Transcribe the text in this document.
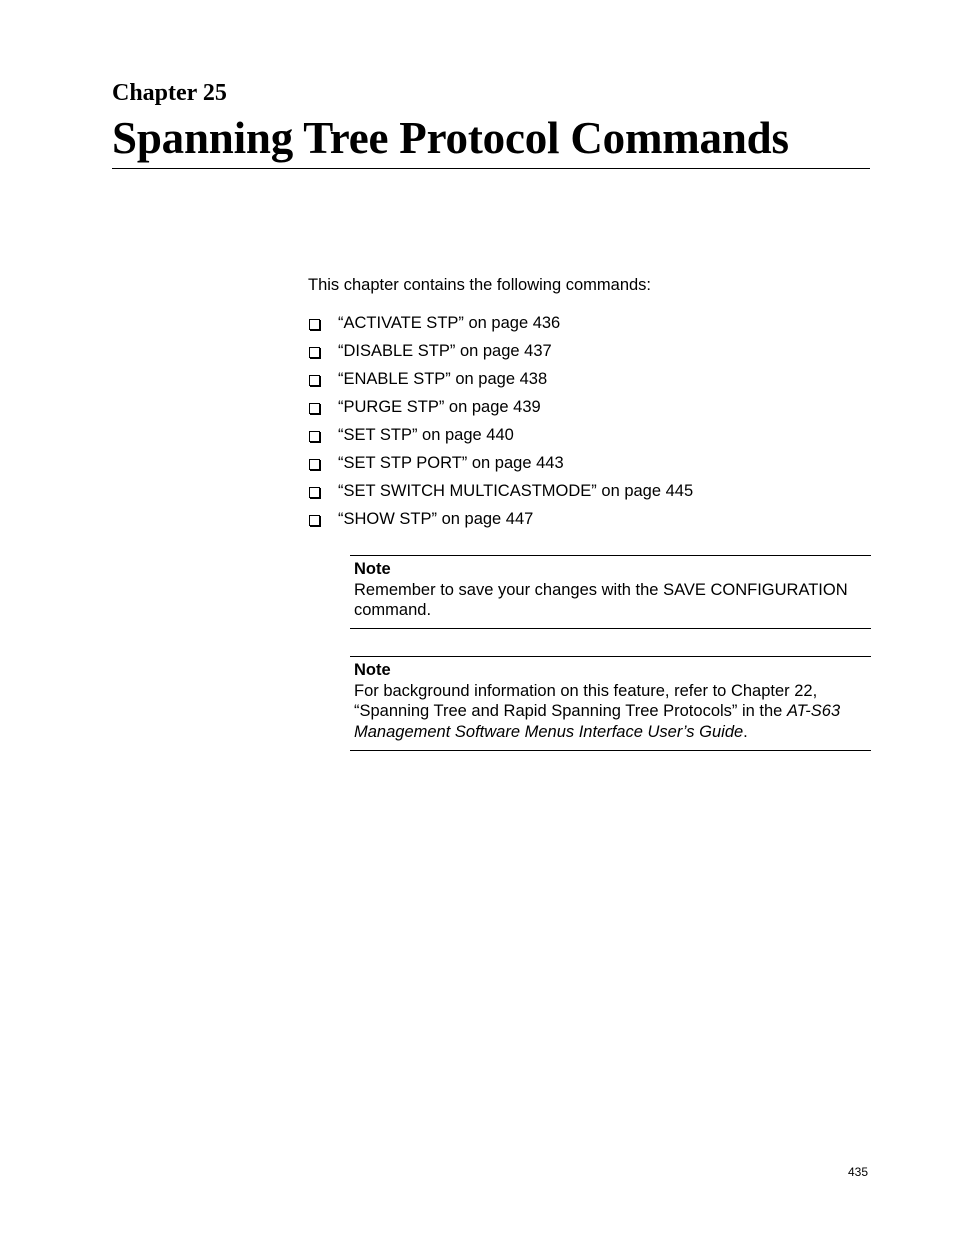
Chapter 25
Spanning Tree Protocol Commands

This chapter contains the following commands:

“ACTIVATE STP” on page 436
“DISABLE STP” on page 437
“ENABLE STP” on page 438
“PURGE STP” on page 439
“SET STP” on page 440
“SET STP PORT” on page 443
“SET SWITCH MULTICASTMODE” on page 445
“SHOW STP” on page 447

Note

Remember to save your changes with the SAVE CONFIGURATION
command.

Note

For background information on this feature, refer to Chapter 22,
“Spanning Tree and Rapid Spanning Tree Protocols” in the AT-S63
Management Software Menus Interface User’s Guide.

435
